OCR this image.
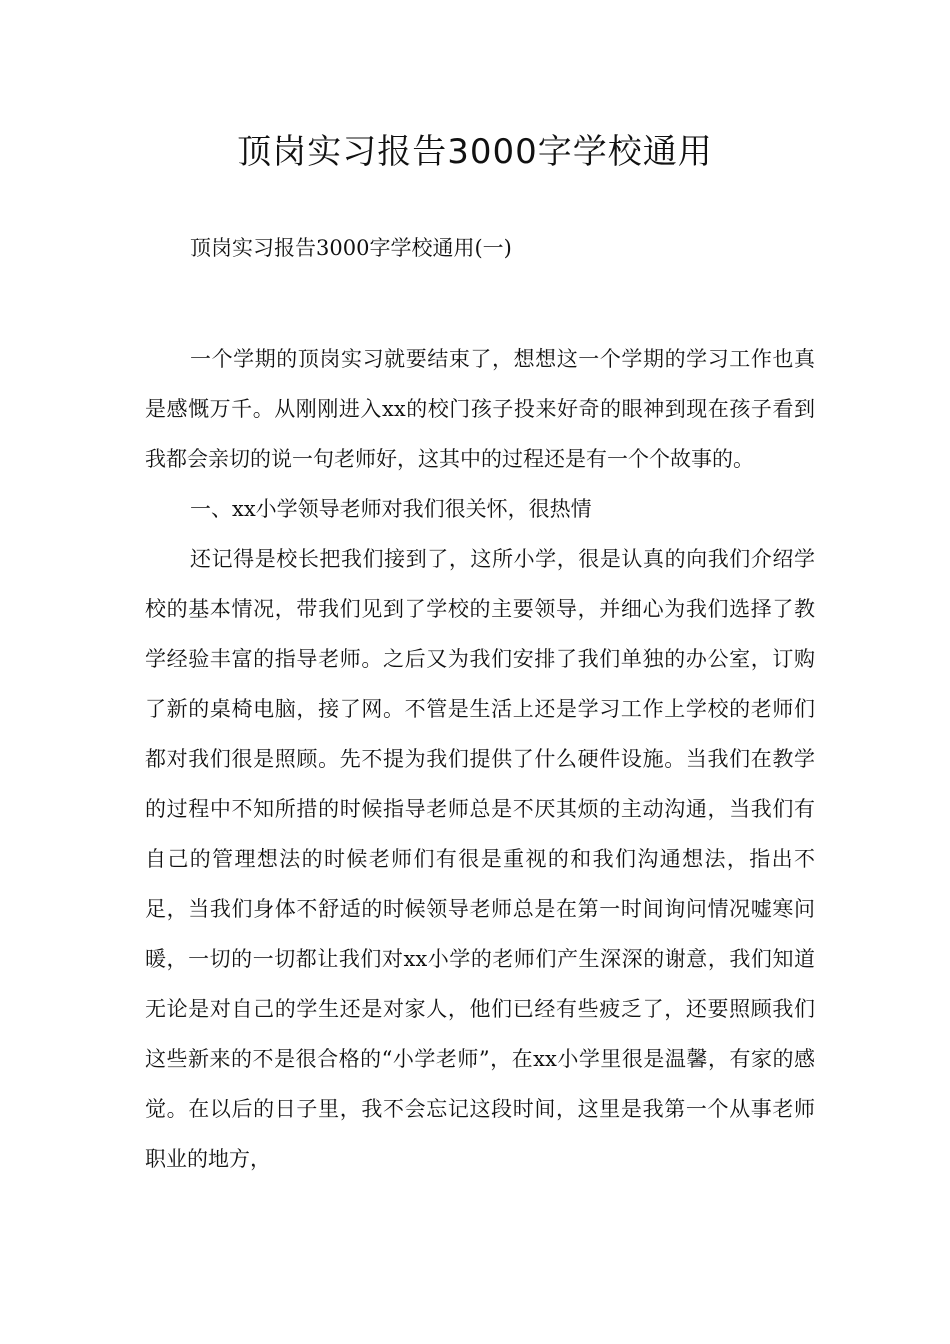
顶岗实习报告3000字学校通用

顶岗实习报告3000字学校通用(一)

一个学期的顶岗实习就要结束了，想想这一个学期的学习工作也真是感慨万千。从刚刚进入xx的校门孩子投来好奇的眼神到现在孩子看到我都会亲切的说一句老师好，这其中的过程还是有一个个故事的。

一、xx小学领导老师对我们很关怀，很热情

还记得是校长把我们接到了，这所小学，很是认真的向我们介绍学校的基本情况，带我们见到了学校的主要领导，并细心为我们选择了教学经验丰富的指导老师。之后又为我们安排了我们单独的办公室，订购了新的桌椅电脑，接了网。不管是生活上还是学习工作上学校的老师们都对我们很是照顾。先不提为我们提供了什么硬件设施。当我们在教学的过程中不知所措的时候指导老师总是不厌其烦的主动沟通，当我们有自己的管理想法的时候老师们有很是重视的和我们沟通想法，指出不足，当我们身体不舒适的时候领导老师总是在第一时间询问情况嘘寒问暖，一切的一切都让我们对xx小学的老师们产生深深的谢意，我们知道无论是对自己的学生还是对家人，他们已经有些疲乏了，还要照顾我们这些新来的不是很合格的“小学老师”，在xx小学里很是温馨，有家的感觉。在以后的日子里，我不会忘记这段时间，这里是我第一个从事老师职业的地方，
